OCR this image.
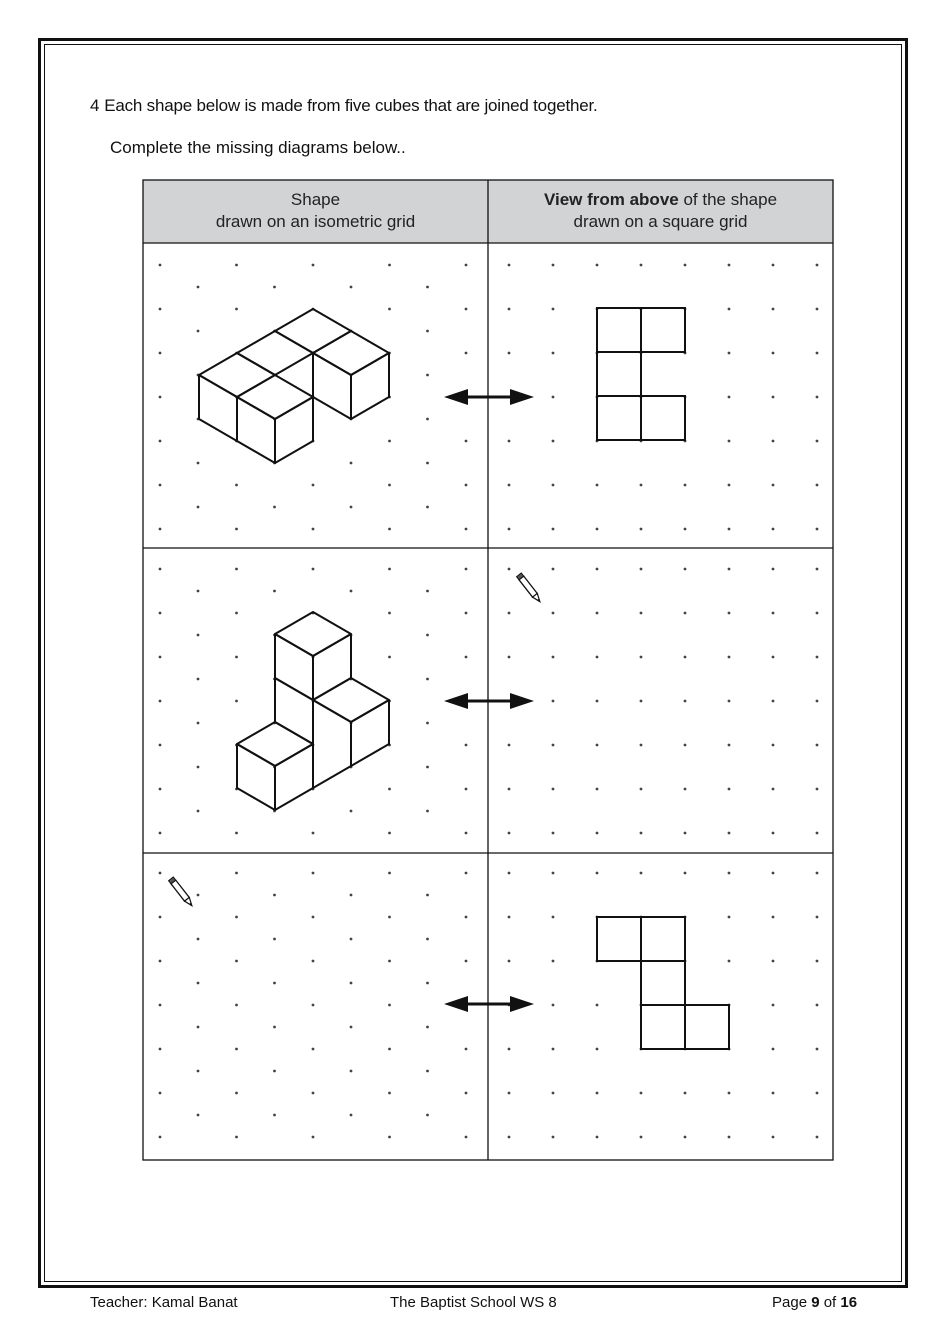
4 Each shape below is made from five cubes that are joined together.
Complete the missing diagrams below..
Shape
drawn on an isometric grid
View from above of the shape
drawn on a square grid
Teacher: Kamal Banat	The Baptist School WS 8	Page 9 of 16
